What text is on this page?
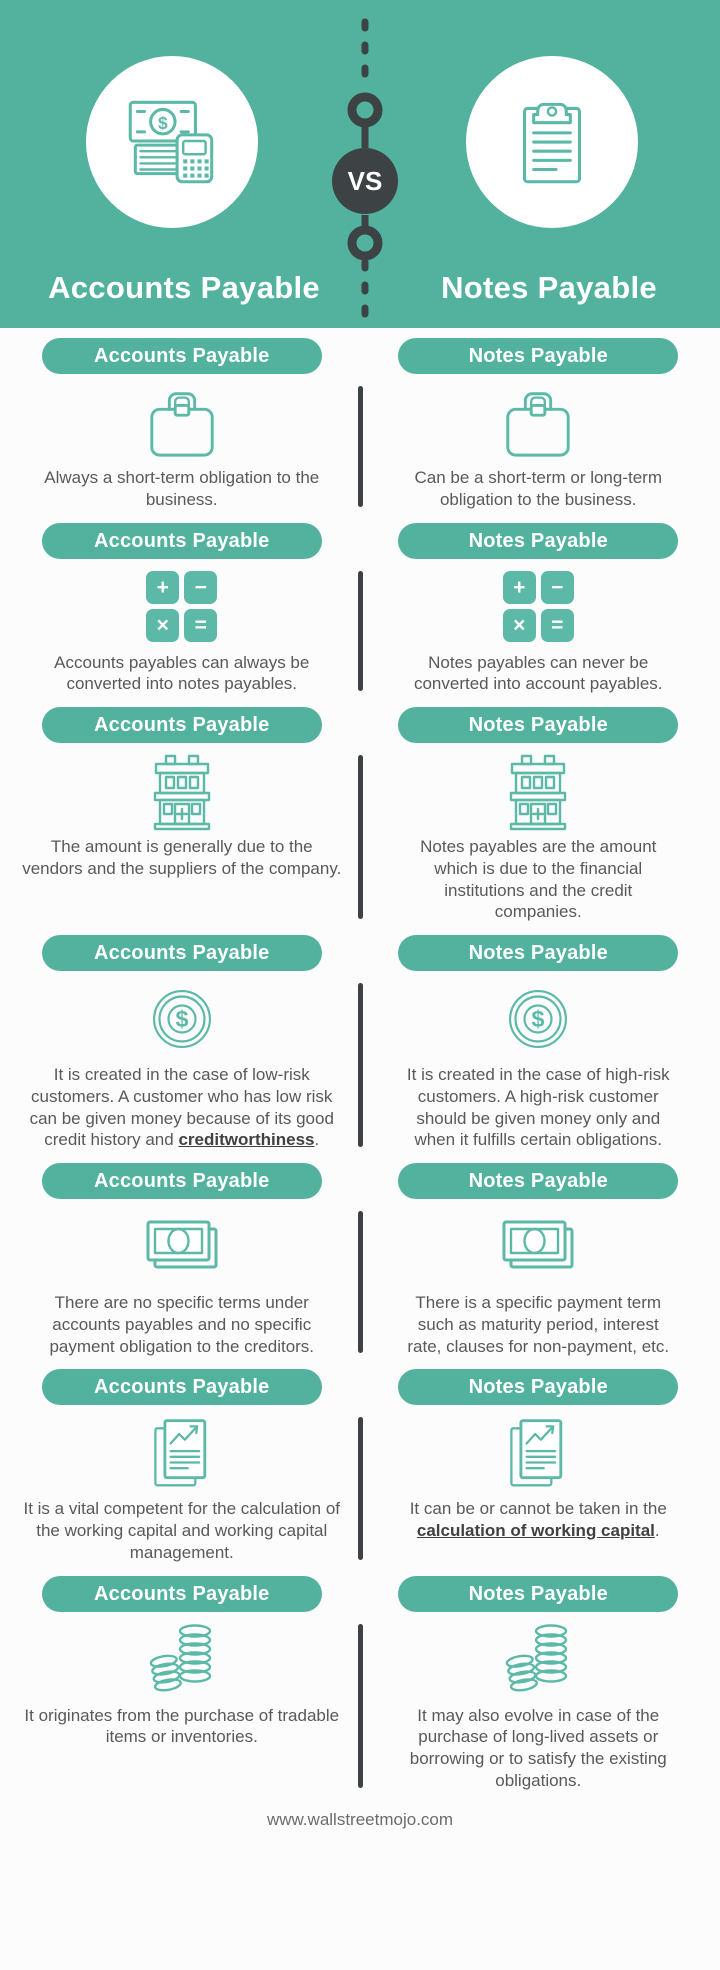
$
Accounts Payable	Notes Payable
VS
Accounts Payable

Always a short-term obligation to the business.

Notes Payable

Can be a short-term or long-term obligation to the business.

Accounts Payable
+	−
×	=

Accounts payables can always be converted into notes payables.

Notes Payable
+	−
×	=

Notes payables can never be converted into account payables.

Accounts Payable

The amount is generally due to the vendors and the suppliers of the company.

Notes Payable

Notes payables are the amount which is due to the financial institutions and the credit companies.

Accounts Payable
$

It is created in the case of low-risk customers. A customer who has low risk can be given money because of its good credit history and creditworthiness.

Notes Payable
$

It is created in the case of high-risk customers. A high-risk customer should be given money only and when it fulfills certain obligations.

Accounts Payable

There are no specific terms under accounts payables and no specific payment obligation to the creditors.

Notes Payable

There is a specific payment term such as maturity period, interest rate, clauses for non-payment, etc.

Accounts Payable

It is a vital competent for the calculation of the working capital and working capital management.

Notes Payable

It can be or cannot be taken in the calculation of working capital.

Accounts Payable

It originates from the purchase of tradable items or inventories.

Notes Payable

It may also evolve in case of the purchase of long-lived assets or borrowing or to satisfy the existing obligations.

www.wallstreetmojo.com
